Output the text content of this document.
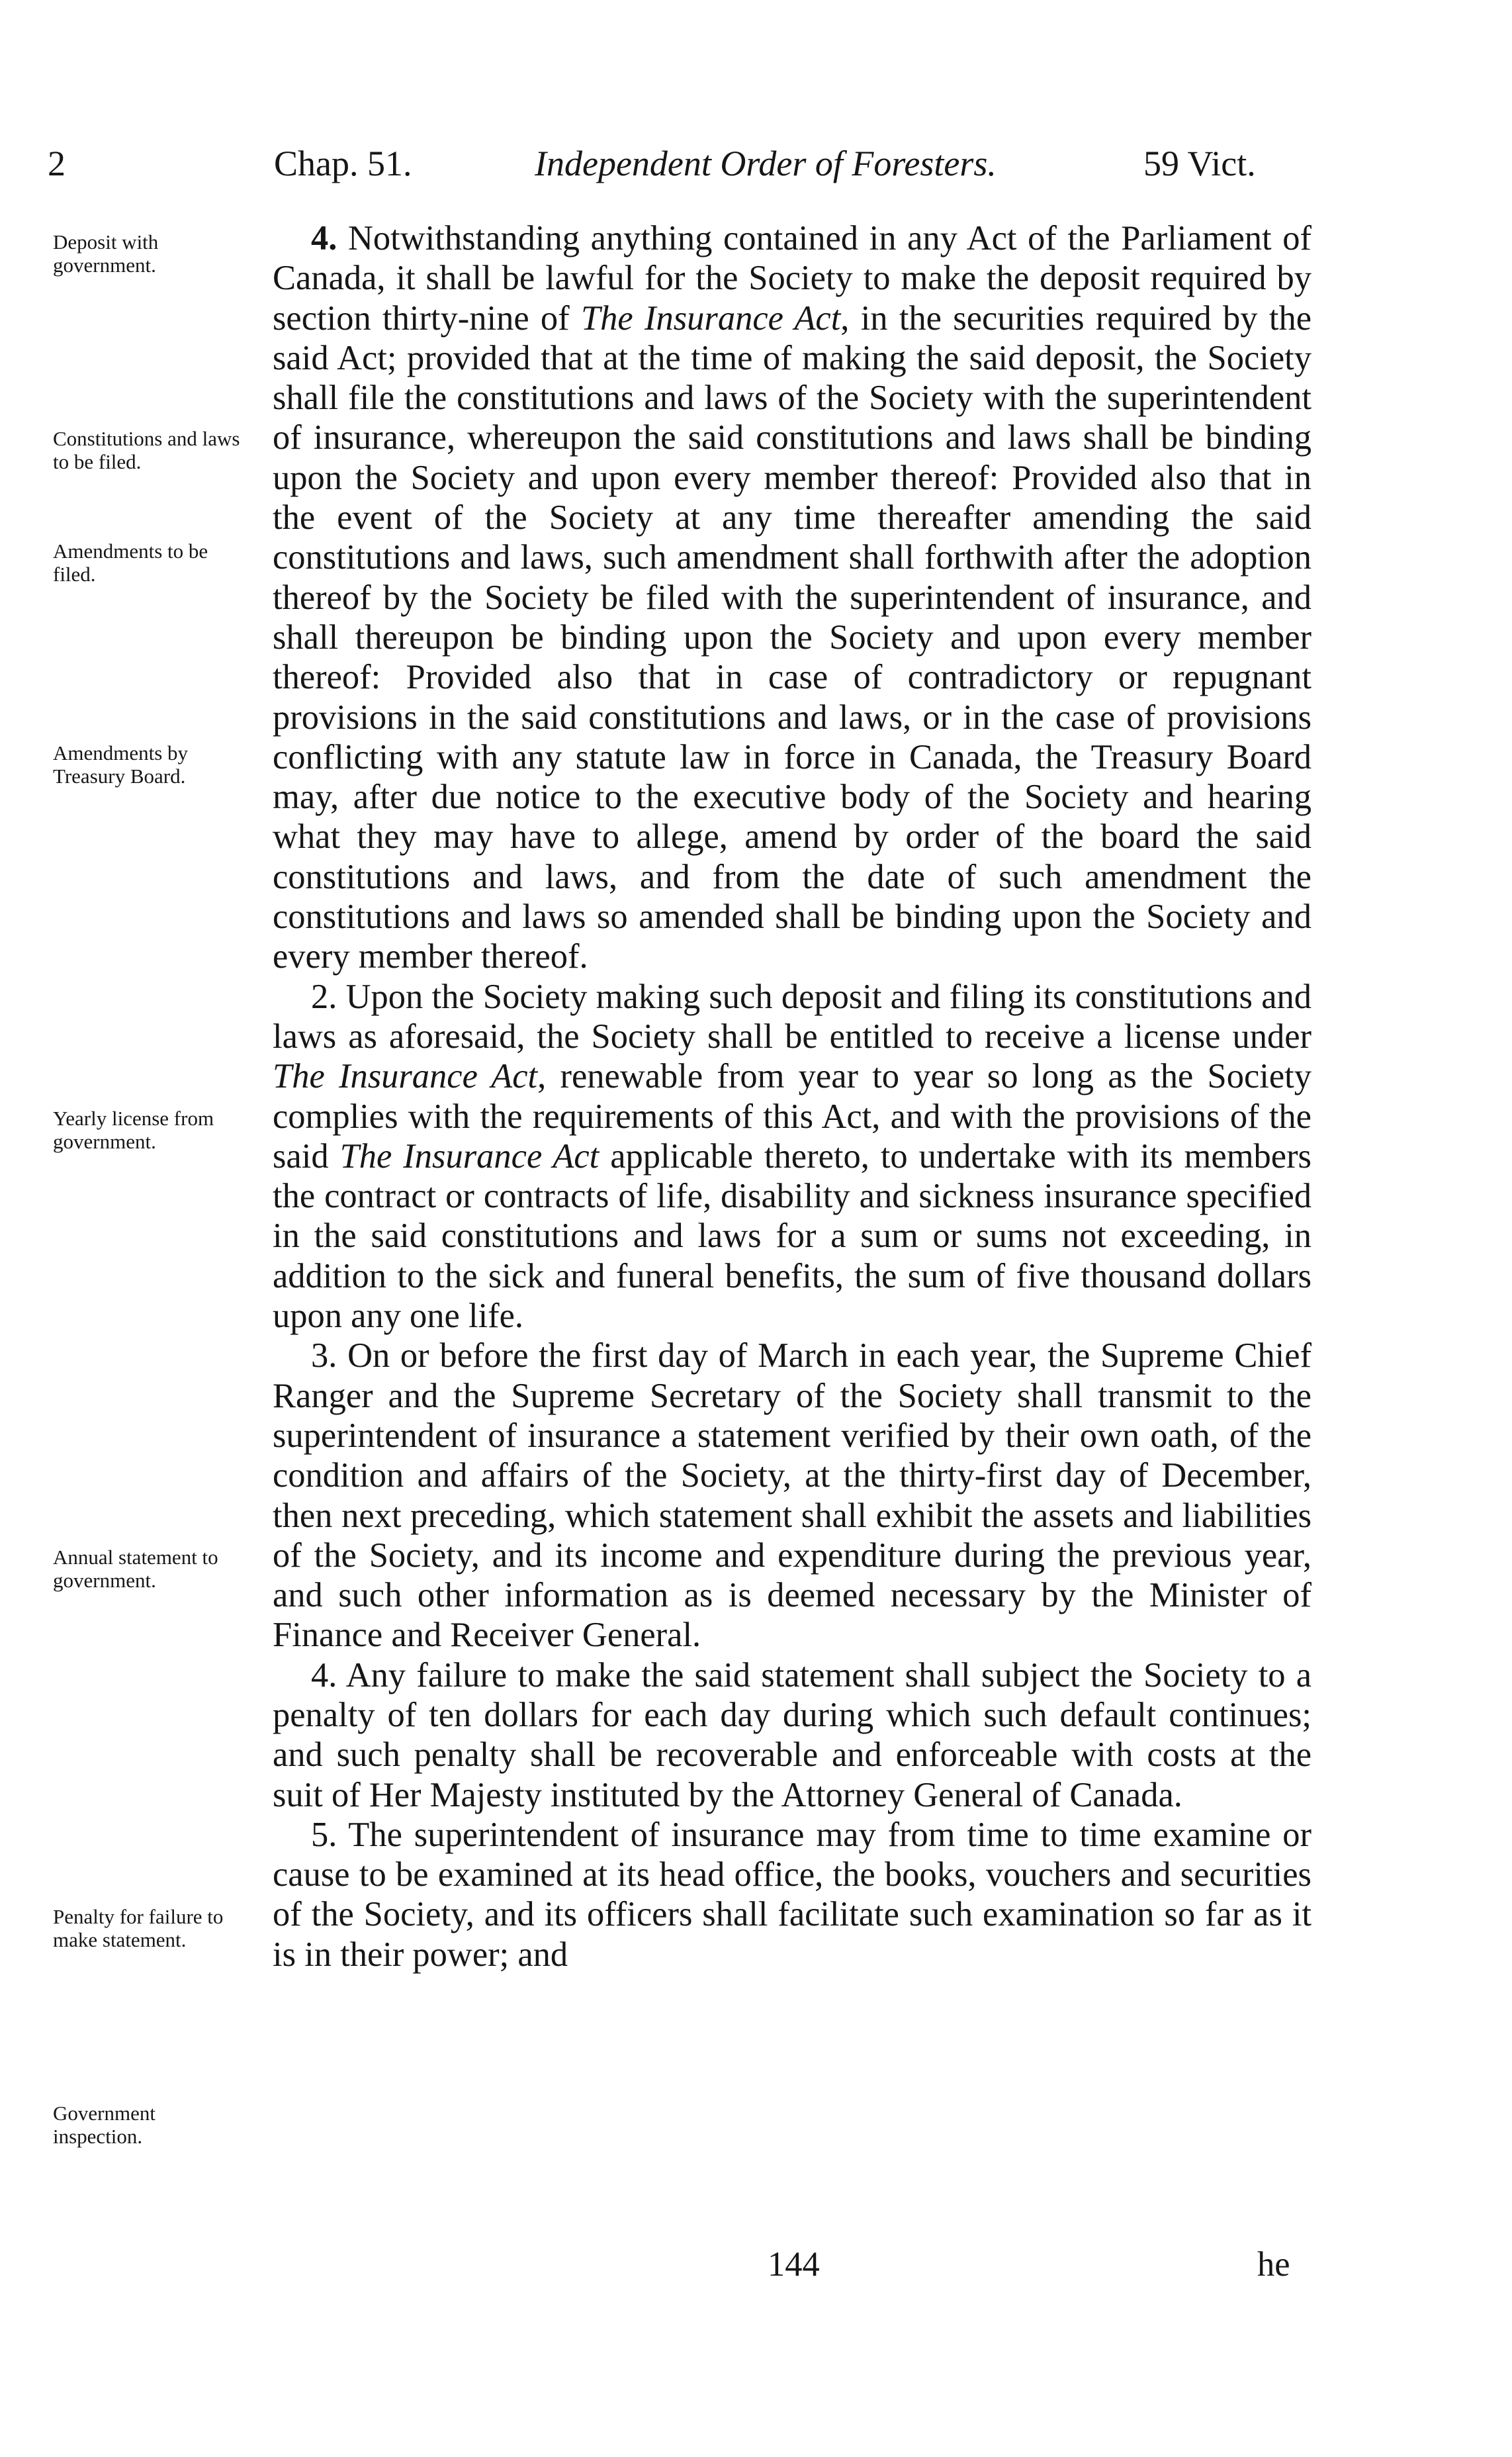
2	Chap. 51.	Independent Order of Foresters.	59 Vict.
Deposit with government.
Constitutions and laws to be filed.
Amendments to be filed.
Amendments by Treasury Board.
Yearly license from government.
Annual statement to government.
Penalty for failure to make statement.
Government inspection.

4. Notwithstanding anything contained in any Act of the Parliament of Canada, it shall be lawful for the Society to make the deposit required by section thirty-nine of The Insurance Act, in the securities required by the said Act; provided that at the time of making the said deposit, the Society shall file the constitutions and laws of the Society with the superintendent of insurance, whereupon the said constitutions and laws shall be binding upon the Society and upon every member thereof: Provided also that in the event of the Society at any time thereafter amending the said constitutions and laws, such amendment shall forthwith after the adoption thereof by the Society be filed with the superintendent of insurance, and shall thereupon be binding upon the Society and upon every member thereof: Provided also that in case of contradictory or repugnant provisions in the said constitutions and laws, or in the case of provisions conflicting with any statute law in force in Canada, the Treasury Board may, after due notice to the executive body of the Society and hearing what they may have to allege, amend by order of the board the said constitutions and laws, and from the date of such amendment the constitutions and laws so amended shall be binding upon the Society and every member thereof.

2. Upon the Society making such deposit and filing its constitutions and laws as aforesaid, the Society shall be entitled to receive a license under The Insurance Act, renewable from year to year so long as the Society complies with the requirements of this Act, and with the provisions of the said The Insurance Act applicable thereto, to undertake with its members the contract or contracts of life, disability and sickness insurance specified in the said constitutions and laws for a sum or sums not exceeding, in addition to the sick and funeral benefits, the sum of five thousand dollars upon any one life.

3. On or before the first day of March in each year, the Supreme Chief Ranger and the Supreme Secretary of the Society shall transmit to the superintendent of insurance a statement verified by their own oath, of the condition and affairs of the Society, at the thirty-first day of December, then next preceding, which statement shall exhibit the assets and liabilities of the Society, and its income and expenditure during the previous year, and such other information as is deemed necessary by the Minister of Finance and Receiver General.

4. Any failure to make the said statement shall subject the Society to a penalty of ten dollars for each day during which such default continues; and such penalty shall be recoverable and enforceable with costs at the suit of Her Majesty instituted by the Attorney General of Canada.

5. The superintendent of insurance may from time to time examine or cause to be examined at its head office, the books, vouchers and securities of the Society, and its officers shall facilitate such examination so far as it is in their power; and

144	he
